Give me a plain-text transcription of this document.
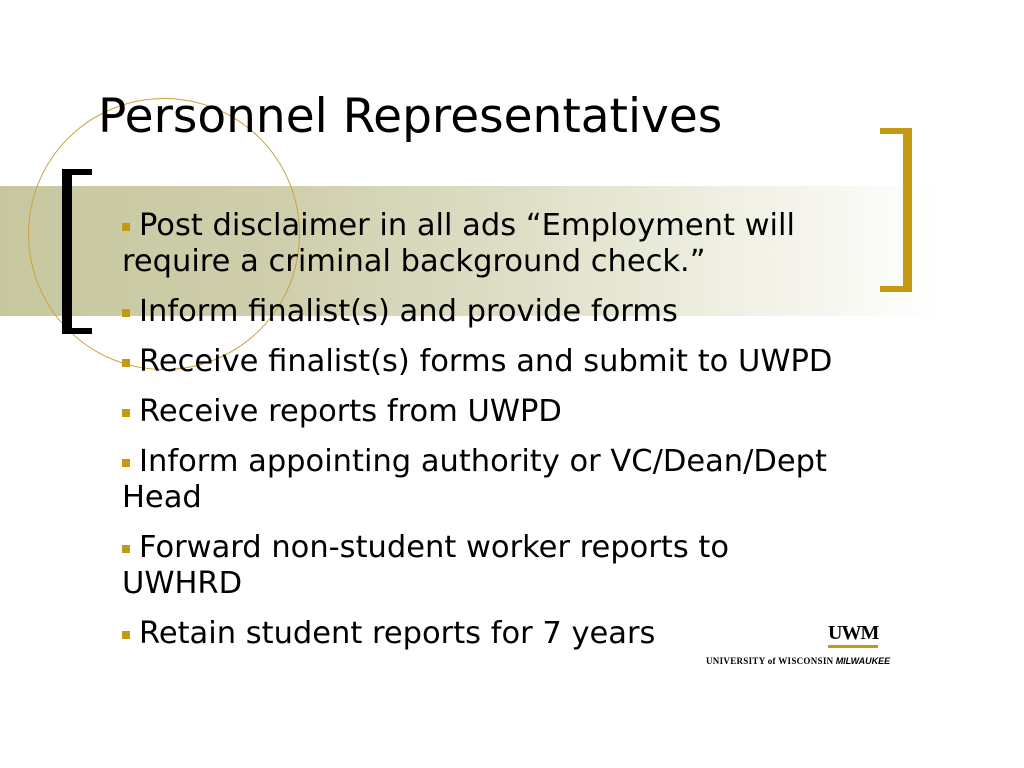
Personnel Representatives
Post disclaimer in all ads “Employment will require a criminal background check.”
Inform finalist(s) and provide forms
Receive finalist(s) forms and submit to UWPD
Receive reports from UWPD
Inform appointing authority or VC/Dean/Dept Head
Forward non-student worker reports to UWHRD
Retain student reports for 7 years	UWM
UNIVERSITY of WISCONSIN MILWAUKEE
